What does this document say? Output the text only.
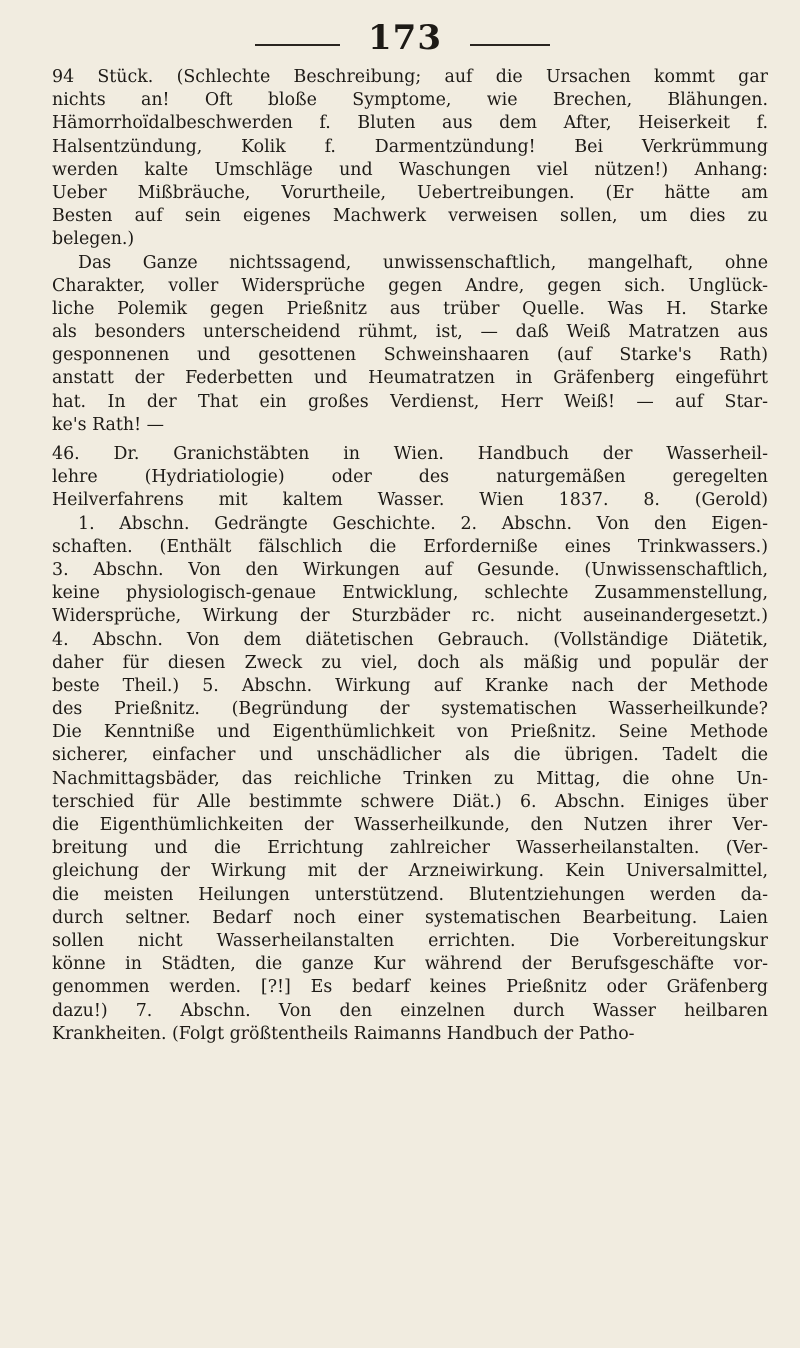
173
94 Stück. (Schlechte Beschreibung; auf die Ursachen kommt gar
nichts an! Oft bloße Symptome, wie Brechen, Blähungen.
Hämorrhoïdalbeschwerden f. Bluten aus dem After, Heiserkeit f.
Halsentzündung, Kolik f. Darmentzündung! Bei Verkrümmung
werden kalte Umschläge und Waschungen viel nützen!) Anhang:
Ueber Mißbräuche, Vorurtheile, Uebertreibungen. (Er hätte am
Besten auf sein eigenes Machwerk verweisen sollen, um dies zu
belegen.)
Das Ganze nichtssagend, unwissenschaftlich, mangelhaft, ohne
Charakter, voller Widersprüche gegen Andre, gegen sich. Unglück-
liche Polemik gegen Prießnitz aus trüber Quelle. Was H. Starke
als besonders unterscheidend rühmt, ist, — daß Weiß Matratzen aus
gesponnenen und gesottenen Schweinshaaren (auf Starke's Rath)
anstatt der Federbetten und Heumatratzen in Gräfenberg eingeführt
hat. In der That ein großes Verdienst, Herr Weiß! — auf Star-
ke's Rath! —
46. Dr. Granichstäbten in Wien. Handbuch der Wasserheil-
lehre (Hydriatiologie) oder des naturgemäßen geregelten
Heilverfahrens mit kaltem Wasser. Wien 1837. 8. (Gerold)
1. Abschn. Gedrängte Geschichte. 2. Abschn. Von den Eigen-
schaften. (Enthält fälschlich die Erforderniße eines Trinkwassers.)
3. Abschn. Von den Wirkungen auf Gesunde. (Unwissenschaftlich,
keine physiologisch-genaue Entwicklung, schlechte Zusammenstellung,
Widersprüche, Wirkung der Sturzbäder rc. nicht auseinandergesetzt.)
4. Abschn. Von dem diätetischen Gebrauch. (Vollständige Diätetik,
daher für diesen Zweck zu viel, doch als mäßig und populär der
beste Theil.) 5. Abschn. Wirkung auf Kranke nach der Methode
des Prießnitz. (Begründung der systematischen Wasserheilkunde?
Die Kenntniße und Eigenthümlichkeit von Prießnitz. Seine Methode
sicherer, einfacher und unschädlicher als die übrigen. Tadelt die
Nachmittagsbäder, das reichliche Trinken zu Mittag, die ohne Un-
terschied für Alle bestimmte schwere Diät.) 6. Abschn. Einiges über
die Eigenthümlichkeiten der Wasserheilkunde, den Nutzen ihrer Ver-
breitung und die Errichtung zahlreicher Wasserheilanstalten. (Ver-
gleichung der Wirkung mit der Arzneiwirkung. Kein Universalmittel,
die meisten Heilungen unterstützend. Blutentziehungen werden da-
durch seltner. Bedarf noch einer systematischen Bearbeitung. Laien
sollen nicht Wasserheilanstalten errichten. Die Vorbereitungskur
könne in Städten, die ganze Kur während der Berufsgeschäfte vor-
genommen werden. [?!] Es bedarf keines Prießnitz oder Gräfenberg
dazu!) 7. Abschn. Von den einzelnen durch Wasser heilbaren
Krankheiten. (Folgt größtentheils Raimanns Handbuch der Patho-
